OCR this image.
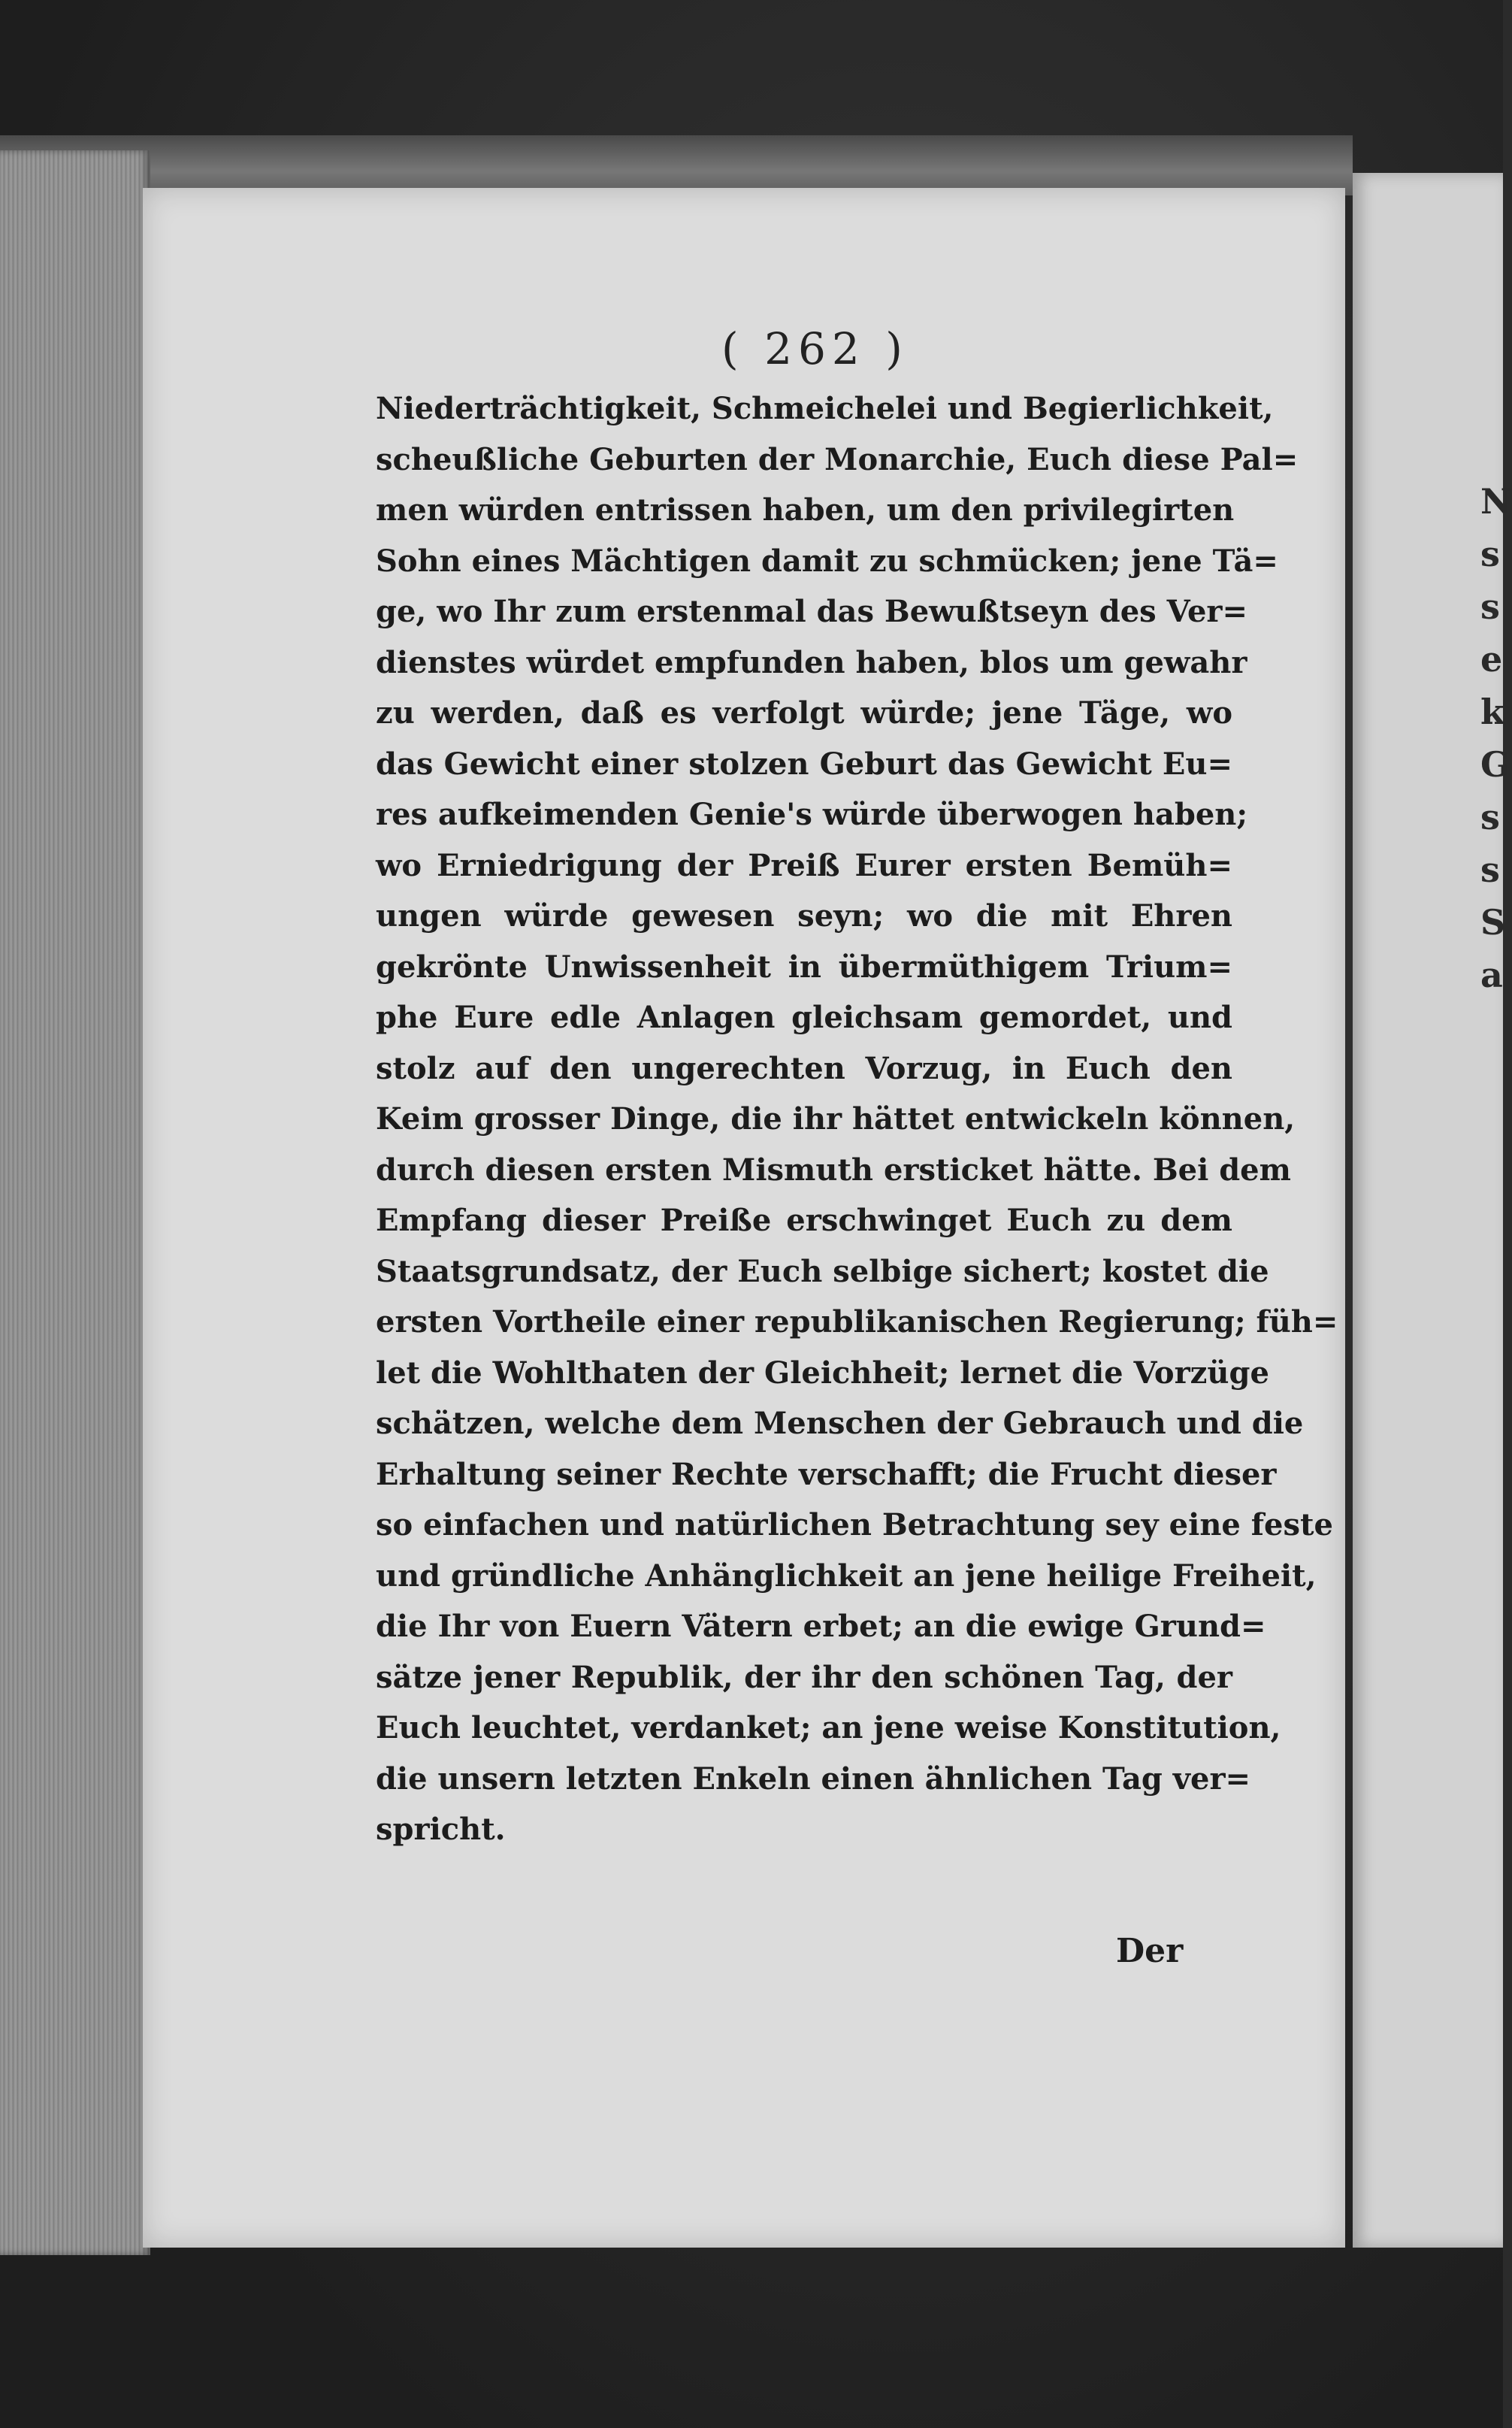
N
s
s
e
k
G
s
s
S
a
( 262 )
Niederträchtigkeit, Schmeichelei und Begierlichkeit,
scheußliche Geburten der Monarchie, Euch diese Pal=
men würden entrissen haben, um den privilegirten
Sohn eines Mächtigen damit zu schmücken; jene Tä=
ge, wo Ihr zum erstenmal das Bewußtseyn des Ver=
dienstes würdet empfunden haben, blos um gewahr
zu werden, daß es verfolgt würde; jene Täge, wo
das Gewicht einer stolzen Geburt das Gewicht Eu=
res aufkeimenden Genie's würde überwogen haben;
wo Erniedrigung der Preiß Eurer ersten Bemüh=
ungen würde gewesen seyn; wo die mit Ehren
gekrönte Unwissenheit in übermüthigem Trium=
phe Eure edle Anlagen gleichsam gemordet, und
stolz auf den ungerechten Vorzug, in Euch den
Keim grosser Dinge, die ihr hättet entwickeln können,
durch diesen ersten Mismuth ersticket hätte. Bei dem
Empfang dieser Preiße erschwinget Euch zu dem
Staatsgrundsatz, der Euch selbige sichert; kostet die
ersten Vortheile einer republikanischen Regierung; füh=
let die Wohlthaten der Gleichheit; lernet die Vorzüge
schätzen, welche dem Menschen der Gebrauch und die
Erhaltung seiner Rechte verschafft; die Frucht dieser
so einfachen und natürlichen Betrachtung sey eine feste
und gründliche Anhänglichkeit an jene heilige Freiheit,
die Ihr von Euern Vätern erbet; an die ewige Grund=
sätze jener Republik, der ihr den schönen Tag, der
Euch leuchtet, verdanket; an jene weise Konstitution,
die unsern letzten Enkeln einen ähnlichen Tag ver=
spricht.
Der
